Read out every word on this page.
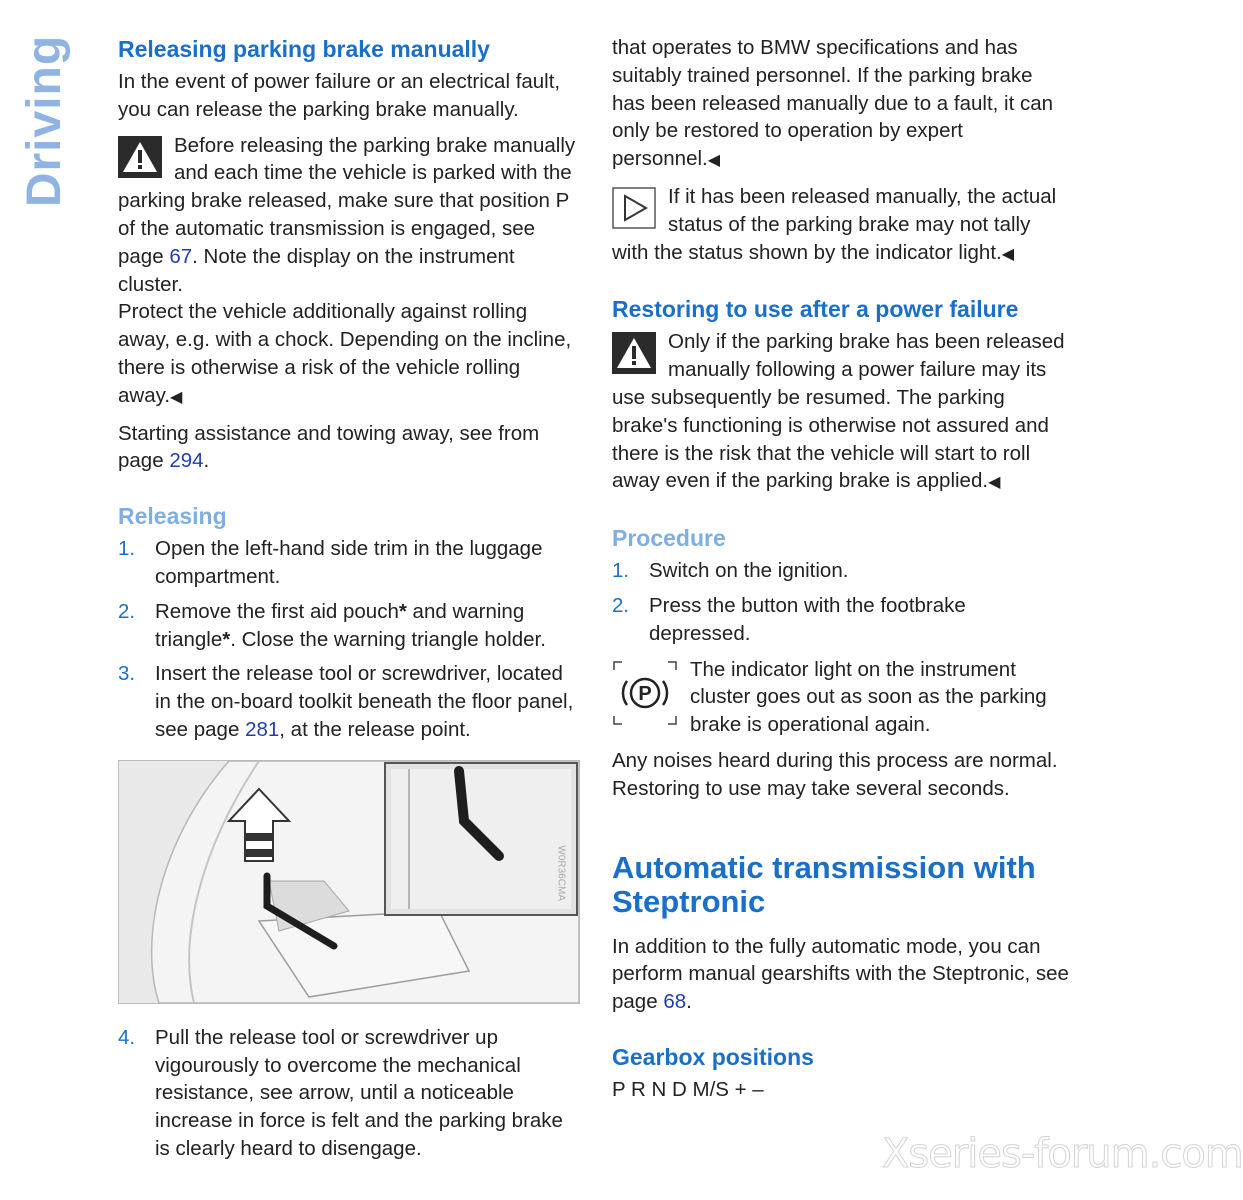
Driving Releasing parking brake manually

In the event of power failure or an electrical fault, you can release the parking brake manually.

Before releasing the parking brake manually and each time the vehicle is parked with the parking brake released, make sure that position P of the automatic transmission is engaged, see page 67. Note the display on the instrument cluster.
Protect the vehicle additionally against rolling away, e.g. with a chock. Depending on the incline, there is otherwise a risk of the vehicle rolling away.◀

Starting assistance and towing away, see from page 294.

Releasing
1. Open the left-hand side trim in the luggage compartment.
2. Remove the first aid pouch* and warning triangle*. Close the warning triangle holder.
3. Insert the release tool or screwdriver, located in the on-board toolkit beneath the floor panel, see page 281, at the release point.
W0R36CMA
4. Pull the release tool or screwdriver up vigourously to overcome the mechanical resistance, see arrow, until a noticeable increase in force is felt and the parking brake is clearly heard to disengage.

that operates to BMW specifications and has suitably trained personnel. If the parking brake has been released manually due to a fault, it can only be restored to operation by expert personnel.◀

If it has been released manually, the actual status of the parking brake may not tally with the status shown by the indicator light.◀
Restoring to use after a power failure
Only if the parking brake has been released manually following a power failure may its use subsequently be resumed. The parking brake's functioning is otherwise not assured and there is the risk that the vehicle will start to roll away even if the parking brake is applied.◀
Procedure
1. Switch on the ignition.
2. Press the button with the footbrake depressed.
P
The indicator light on the instrument cluster goes out as soon as the parking brake is operational again.

Any noises heard during this process are normal. Restoring to use may take several seconds.

Automatic transmission with Steptronic

In addition to the fully automatic mode, you can perform manual gearshifts with the Steptronic, see page 68.

Gearbox positions

P R N D M/S + –

Xseries-forum.com
